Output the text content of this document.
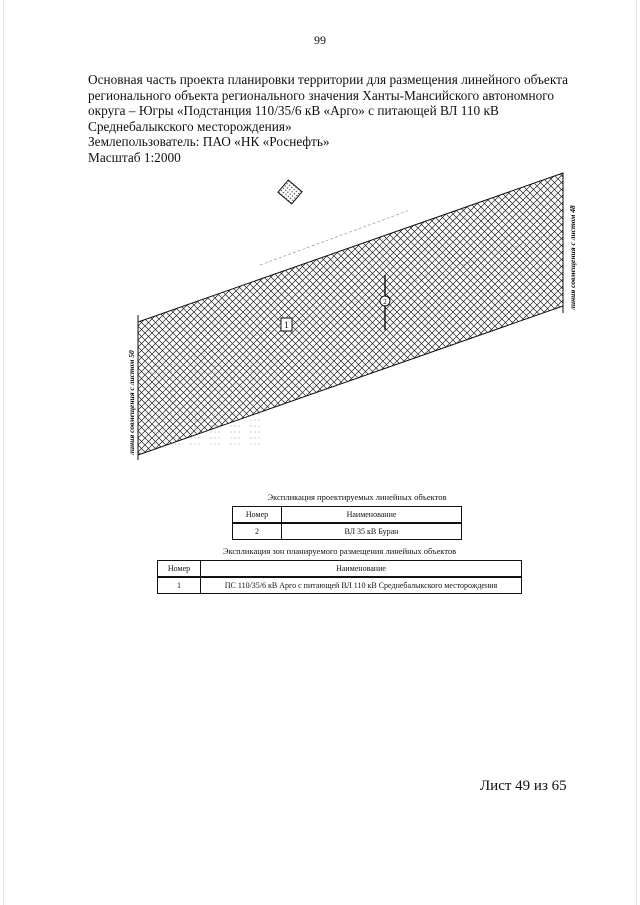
99
Основная часть проекта планировки территории для размещения линейного объекта
регионального объекта регионального значения Ханты-Мансийского автономного
округа – Югры «Подстанция 110/35/6 кВ «Арго» с питающей ВЛ 110 кВ
Среднебалыкского месторождения»
Землепользователь: ПАО «НК «Роснефть»
Масштаб 1:2000
2
1
линия совмещения с листом 50
линия совмещения с листом 48
Экспликация проектируемых линейных объектов
Номер	Наименование
2	ВЛ 35 кВ Буран
Экспликация зон планируемого размещения линейных объектов
Номер	Наименование
1	ПС 110/35/6 кВ Арго с питающей ВЛ 110 кВ Среднебалыкского месторождения
Лист 49 из 65
